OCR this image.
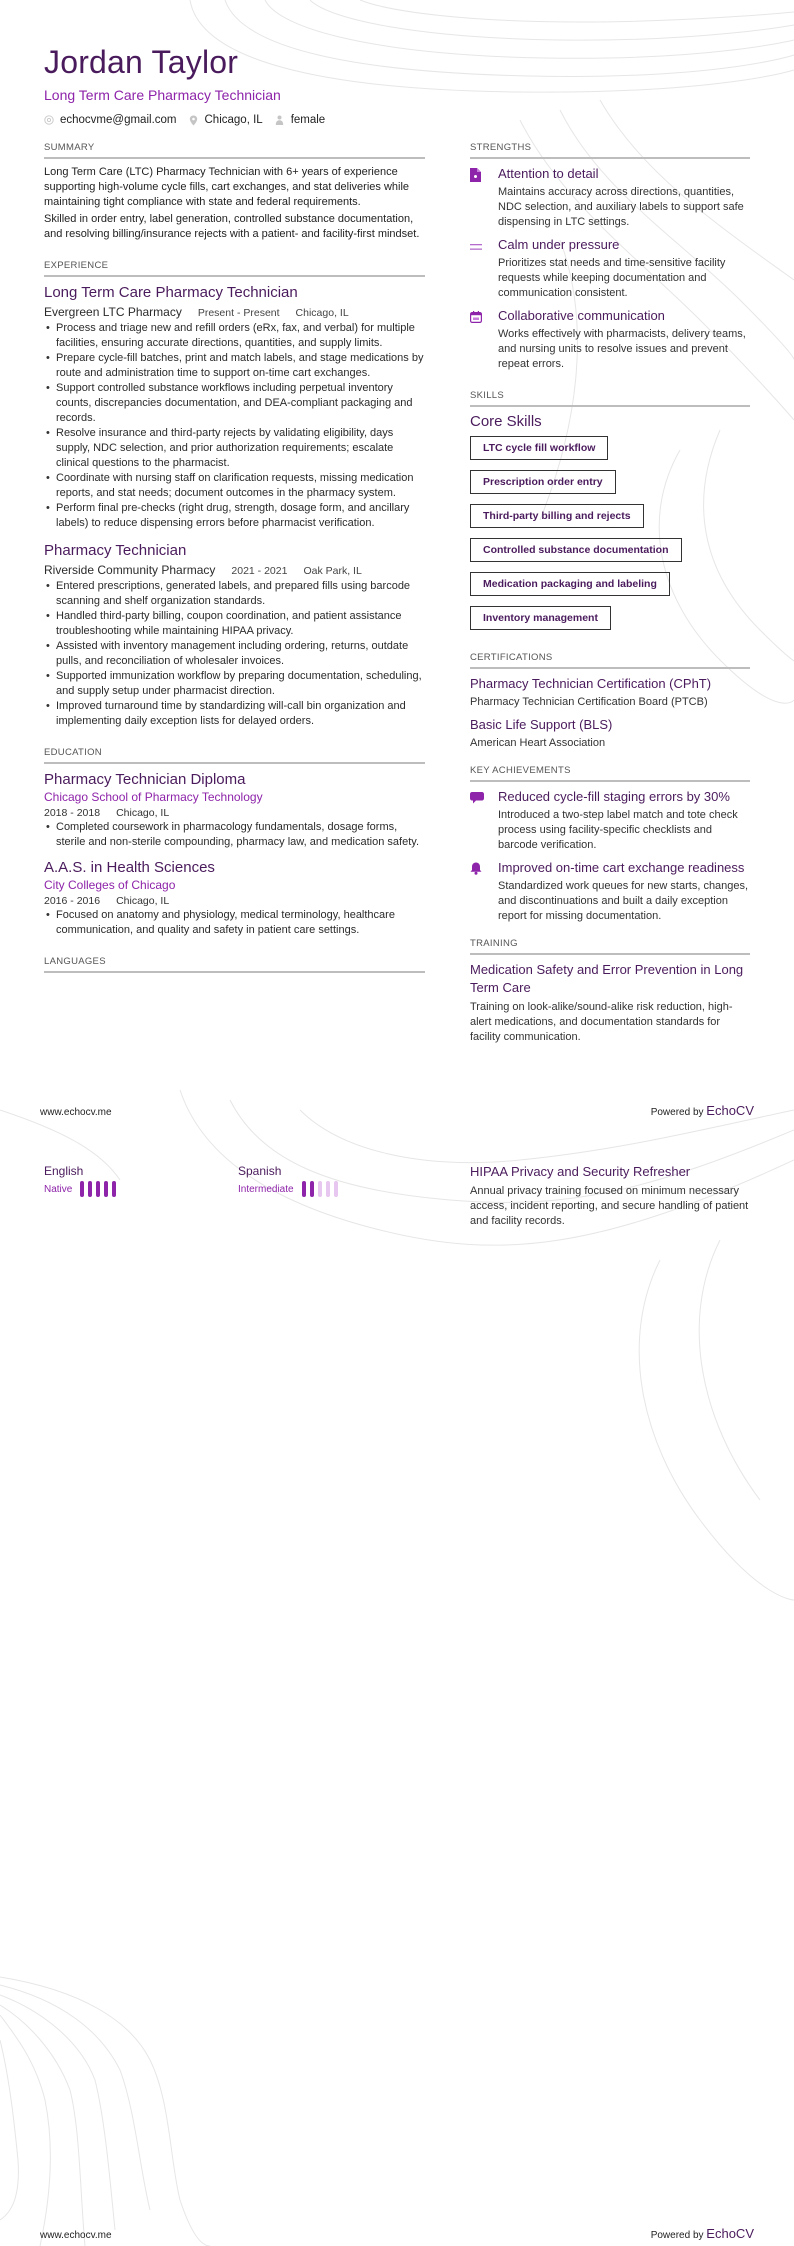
Jordan Taylor
Long Term Care Pharmacy Technician
echocvme@gmail.com Chicago, IL female
SUMMARY

Long Term Care (LTC) Pharmacy Technician with 6+ years of experience supporting high-volume cycle fills, cart exchanges, and stat deliveries while maintaining tight compliance with state and federal requirements.

Skilled in order entry, label generation, controlled substance documentation, and resolving billing/insurance rejects with a patient- and facility-first mindset.

EXPERIENCE
Long Term Care Pharmacy Technician
Evergreen LTC Pharmacy Present - Present Chicago, IL
• Process and triage new and refill orders (eRx, fax, and verbal) for multiple facilities, ensuring accurate directions, quantities, and supply limits.
• Prepare cycle-fill batches, print and match labels, and stage medications by route and administration time to support on-time cart exchanges.
• Support controlled substance workflows including perpetual inventory counts, discrepancies documentation, and DEA-compliant packaging and records.
• Resolve insurance and third-party rejects by validating eligibility, days supply, NDC selection, and prior authorization requirements; escalate clinical questions to the pharmacist.
• Coordinate with nursing staff on clarification requests, missing medication reports, and stat needs; document outcomes in the pharmacy system.
• Perform final pre-checks (right drug, strength, dosage form, and ancillary labels) to reduce dispensing errors before pharmacist verification.
Pharmacy Technician
Riverside Community Pharmacy 2021 - 2021 Oak Park, IL
• Entered prescriptions, generated labels, and prepared fills using barcode scanning and shelf organization standards.
• Handled third-party billing, coupon coordination, and patient assistance troubleshooting while maintaining HIPAA privacy.
• Assisted with inventory management including ordering, returns, outdate pulls, and reconciliation of wholesaler invoices.
• Supported immunization workflow by preparing documentation, scheduling, and supply setup under pharmacist direction.
• Improved turnaround time by standardizing will-call bin organization and implementing daily exception lists for delayed orders.
EDUCATION
Pharmacy Technician Diploma
Chicago School of Pharmacy Technology
2018 - 2018 Chicago, IL
• Completed coursework in pharmacology fundamentals, dosage forms, sterile and non-sterile compounding, pharmacy law, and medication safety.
A.A.S. in Health Sciences
City Colleges of Chicago
2016 - 2016 Chicago, IL
• Focused on anatomy and physiology, medical terminology, healthcare communication, and quality and safety in patient care settings.
LANGUAGES
STRENGTHS
Attention to detail
Maintains accuracy across directions, quantities, NDC selection, and auxiliary labels to support safe dispensing in LTC settings.
Calm under pressure
Prioritizes stat needs and time-sensitive facility requests while keeping documentation and communication consistent.
Collaborative communication
Works effectively with pharmacists, delivery teams, and nursing units to resolve issues and prevent repeat errors.
SKILLS
Core Skills
LTC cycle fill workflow
Prescription order entry
Third-party billing and rejects
Controlled substance documentation
Medication packaging and labeling
Inventory management
CERTIFICATIONS
Pharmacy Technician Certification (CPhT)
Pharmacy Technician Certification Board (PTCB)
Basic Life Support (BLS)
American Heart Association
KEY ACHIEVEMENTS
Reduced cycle-fill staging errors by 30%
Introduced a two-step label match and tote check process using facility-specific checklists and barcode verification.
Improved on-time cart exchange readiness
Standardized work queues for new starts, changes, and discontinuations and built a daily exception report for missing documentation.
TRAINING
Medication Safety and Error Prevention in Long Term Care
Training on look-alike/sound-alike risk reduction, high-alert medications, and documentation standards for facility communication.
www.echocv.me	Powered by EchoCV
English
Native
Spanish
Intermediate
HIPAA Privacy and Security Refresher
Annual privacy training focused on minimum necessary access, incident reporting, and secure handling of patient and facility records.
www.echocv.me	Powered by EchoCV
